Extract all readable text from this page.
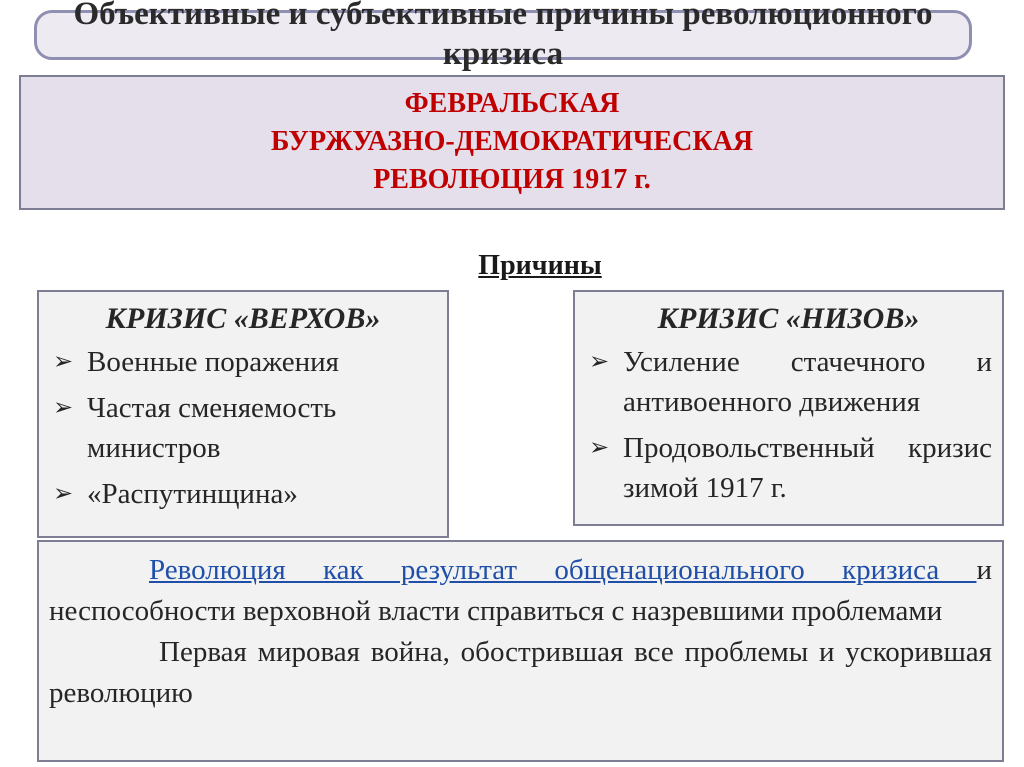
Объективные и субъективные причины революционного кризиса
ФЕВРАЛЬСКАЯ
БУРЖУАЗНО-ДЕМОКРАТИЧЕСКАЯ
РЕВОЛЮЦИЯ 1917 г.
Причины
КРИЗИС «ВЕРХОВ»
➢ Военные поражения
➢ Частая сменяемость министров
➢ «Распутинщина»
КРИЗИС «НИЗОВ»
➢ Усиление стачечного и антивоенного движения
➢ Продовольственный кризис зимой 1917 г.

Революция как результат общенационального кризиса и неспособности верховной власти справиться с назревшими проблемами

Первая мировая война, обострившая все проблемы и ускорившая революцию
